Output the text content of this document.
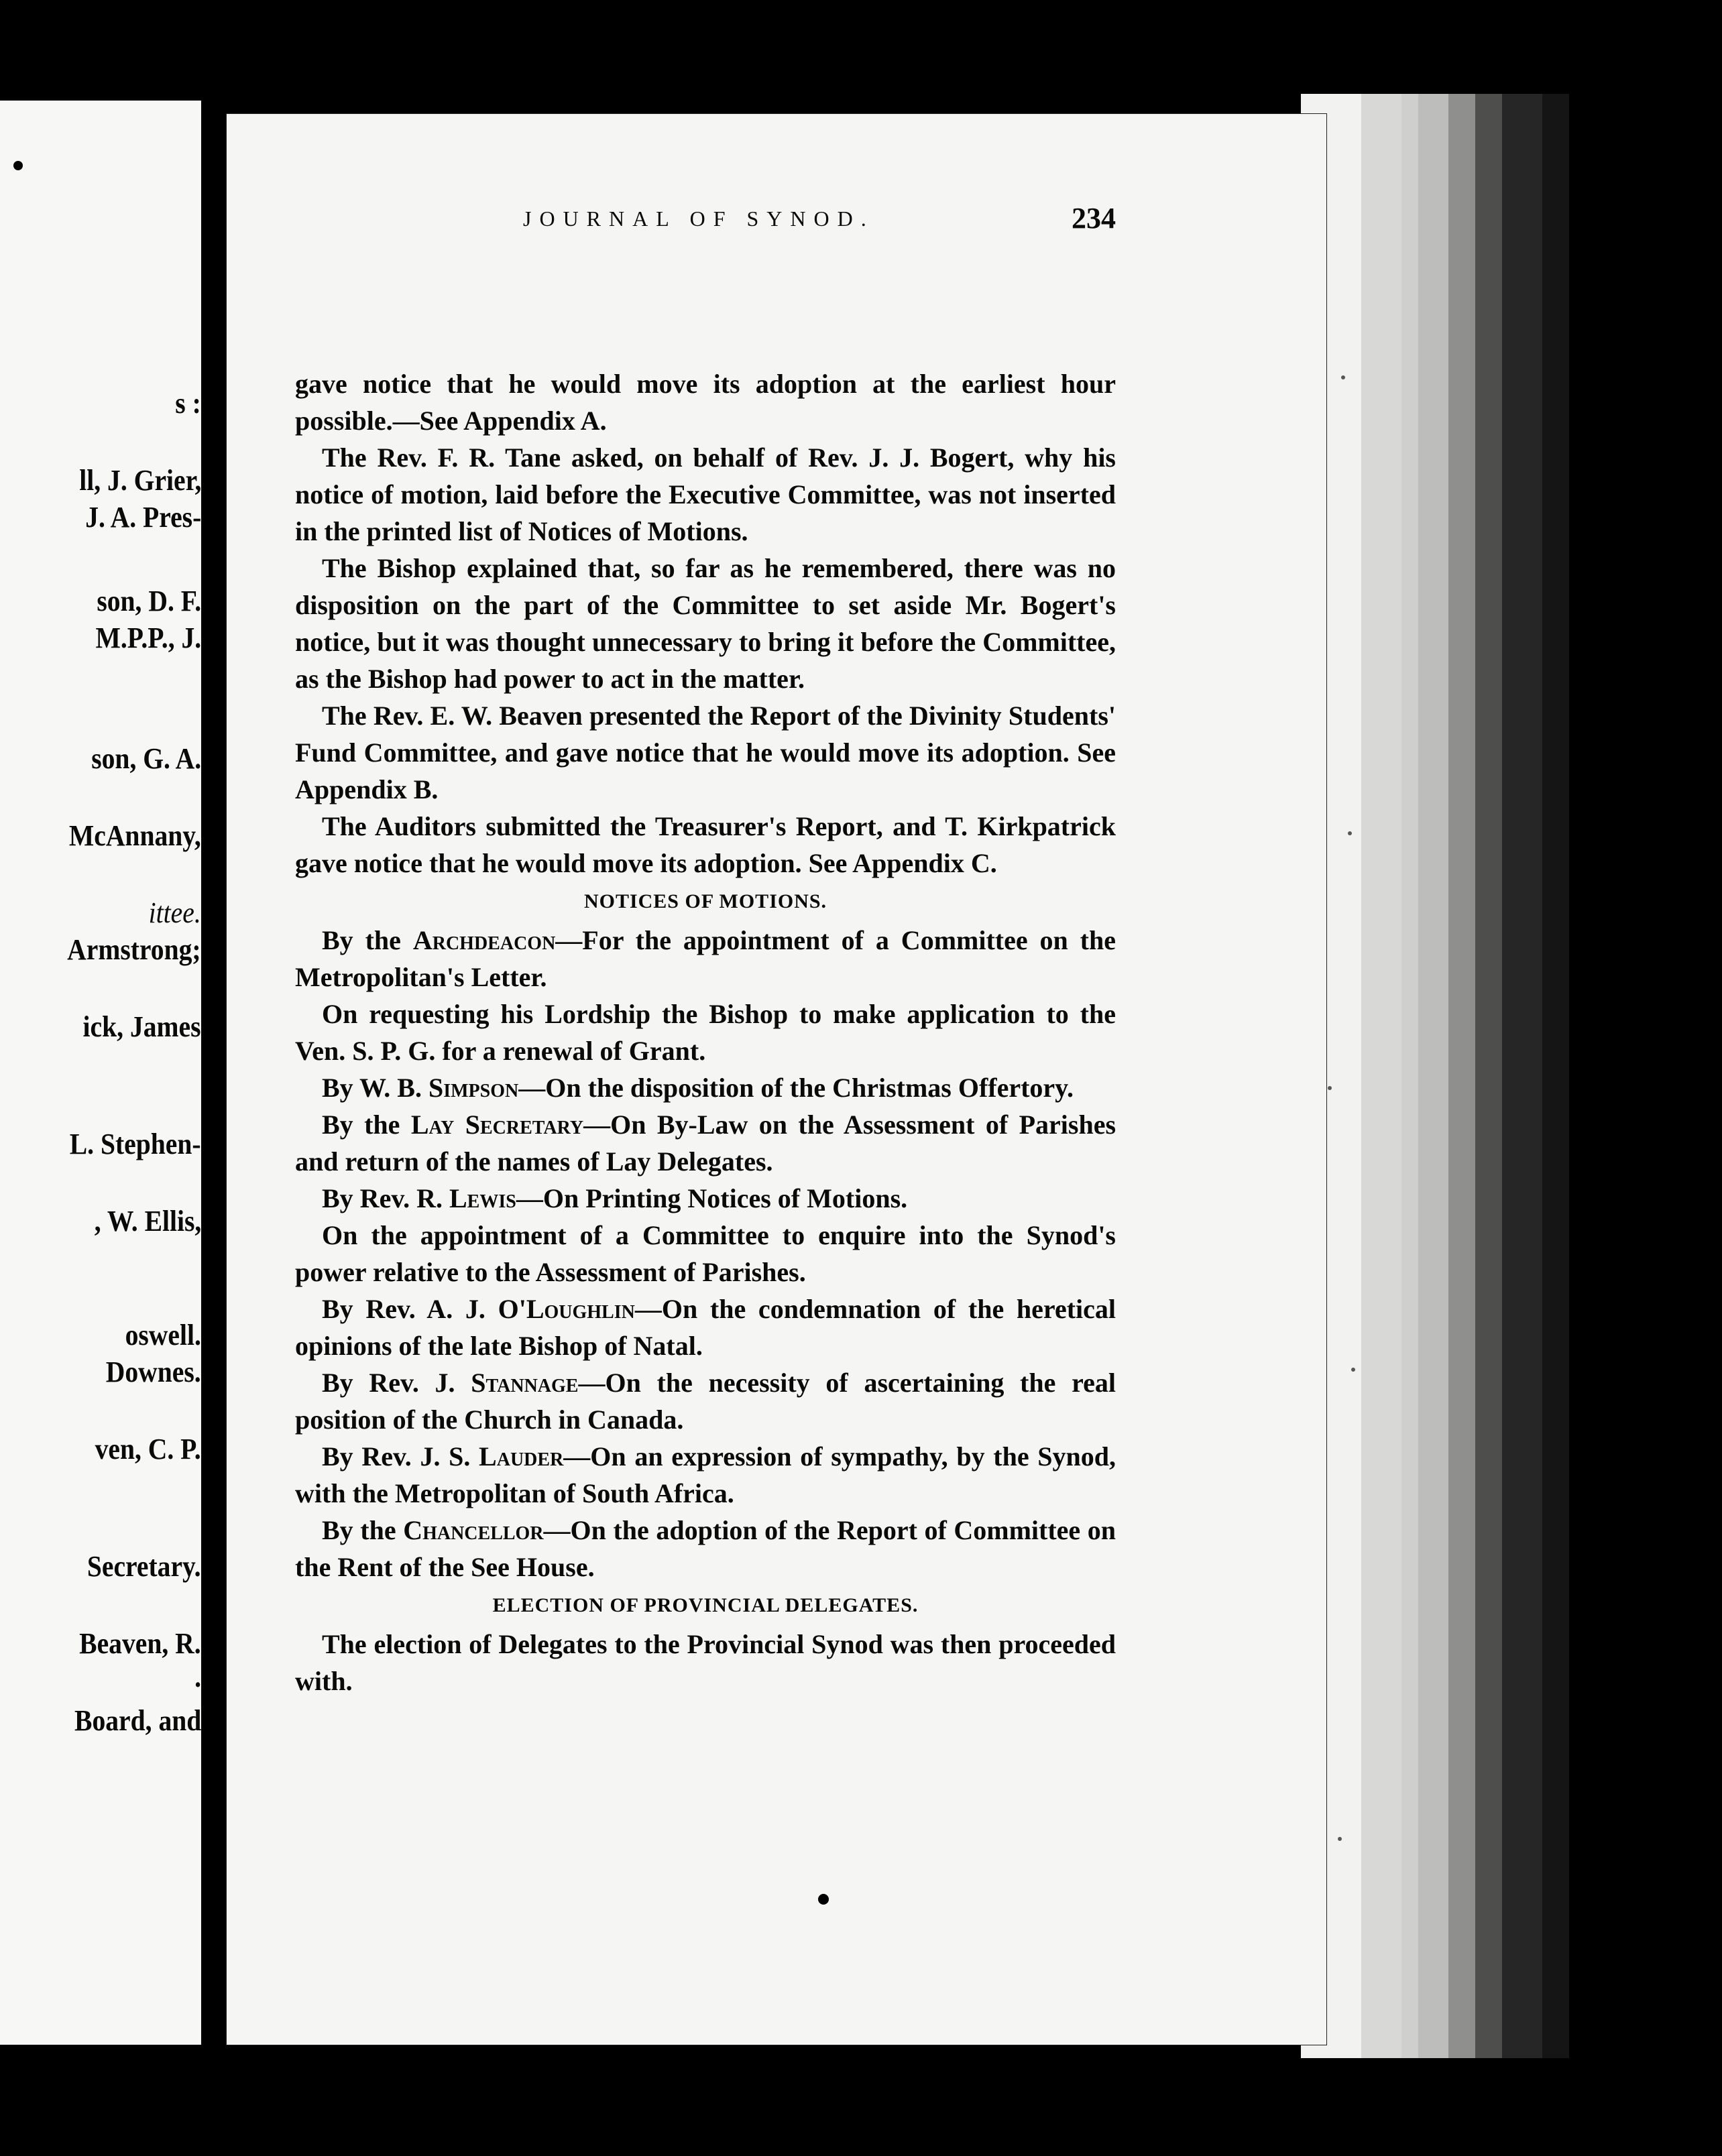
s :
ll, J. Grier,
J. A. Pres-
son, D. F.
M.P.P., J.
son, G. A.
McAnnany,
ittee.
Armstrong;
ick, James
L. Stephen-
, W. Ellis,
oswell.
Downes.
ven, C. P.
Secretary.
Beaven, R.
.
Board, and
JOURNAL OF SYNOD.	234

gave notice that he would move its adoption at the earliest hour possible.—See Appendix A.

The Rev. F. R. Tane asked, on behalf of Rev. J. J. Bogert, why his notice of motion, laid before the Executive Committee, was not inserted in the printed list of Notices of Motions.

The Bishop explained that, so far as he remembered, there was no disposition on the part of the Committee to set aside Mr. Bogert's notice, but it was thought unnecessary to bring it before the Committee, as the Bishop had power to act in the matter.

The Rev. E. W. Beaven presented the Report of the Divinity Students' Fund Committee, and gave notice that he would move its adoption. See Appendix B.

The Auditors submitted the Treasurer's Report, and T. Kirkpatrick gave notice that he would move its adoption. See Appendix C.

NOTICES OF MOTIONS.

By the Archdeacon—For the appointment of a Committee on the Metropolitan's Letter.

On requesting his Lordship the Bishop to make application to the Ven. S. P. G. for a renewal of Grant.

By W. B. Simpson—On the disposition of the Christmas Offertory.

By the Lay Secretary—On By-Law on the Assessment of Parishes and return of the names of Lay Delegates.

By Rev. R. Lewis—On Printing Notices of Motions.

On the appointment of a Committee to enquire into the Synod's power relative to the Assessment of Parishes.

By Rev. A. J. O'Loughlin—On the condemnation of the heretical opinions of the late Bishop of Natal.

By Rev. J. Stannage—On the necessity of ascertaining the real position of the Church in Canada.

By Rev. J. S. Lauder—On an expression of sympathy, by the Synod, with the Metropolitan of South Africa.

By the Chancellor—On the adoption of the Report of Committee on the Rent of the See House.

ELECTION OF PROVINCIAL DELEGATES.

The election of Delegates to the Provincial Synod was then proceeded with.
